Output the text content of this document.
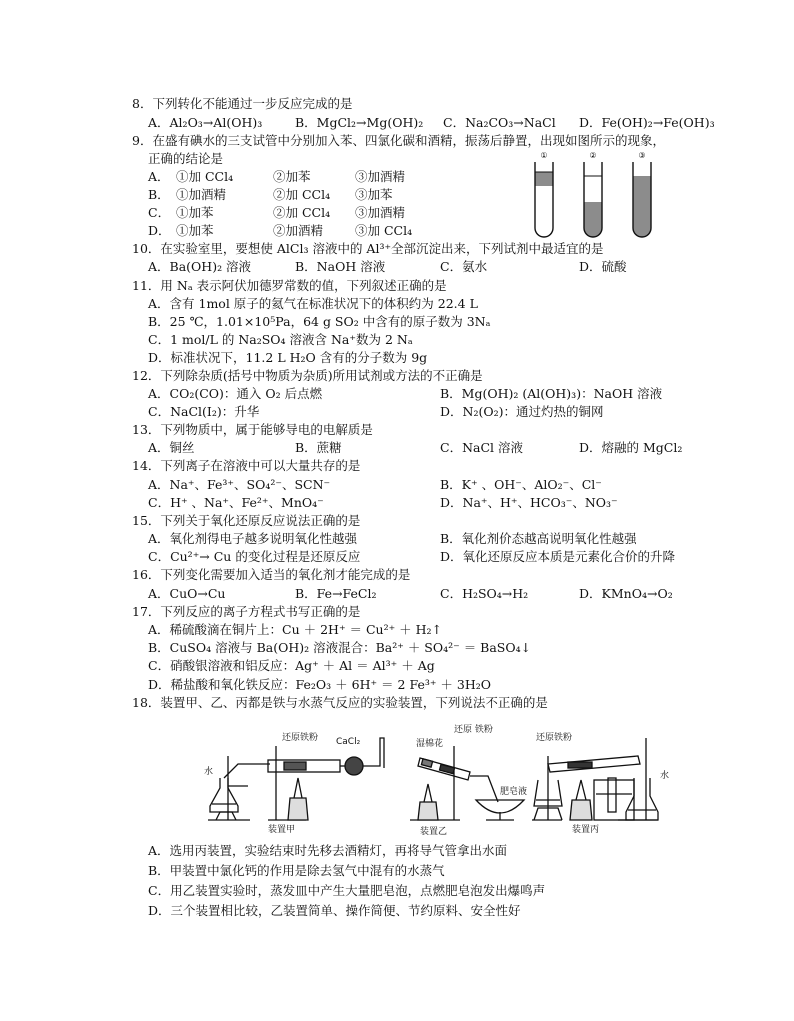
8．下列转化不能通过一步反应完成的是
A．Al₂O₃→Al(OH)₃	B．MgCl₂→Mg(OH)₂ C．Na₂CO₃→NaCl D．Fe(OH)₂→Fe(OH)₃
9．在盛有碘水的三支试管中分别加入苯、四氯化碳和酒精，振荡后静置，出现如图所示的现象，
正确的结论是
A． ①加 CCl₄	②加苯	③加酒精
B． ①加酒精	②加 CCl₄ ③加苯
C． ①加苯	②加 CCl₄ ③加酒精
D． ①加苯	②加酒精	③加 CCl₄
①	②	③
10．在实验室里，要想使 AlCl₃ 溶液中的 Al³⁺全部沉淀出来，下列试剂中最适宜的是
A．Ba(OH)₂ 溶液	B．NaOH 溶液	C．氨水	D．硫酸
11．用 Nₐ 表示阿伏加德罗常数的值，下列叙述正确的是
A．含有 1mol 原子的氦气在标准状况下的体积约为 22.4 L
B．25 ℃，1.01×10⁵Pa，64 g SO₂ 中含有的原子数为 3Nₐ
C．1 mol/L 的 Na₂SO₄ 溶液含 Na⁺数为 2 Nₐ
D．标准状况下，11.2 L H₂O 含有的分子数为 9g
12．下列除杂质(括号中物质为杂质)所用试剂或方法的不正确是
A．CO₂(CO)：通入 O₂ 后点燃	B．Mg(OH)₂ (Al(OH)₃)：NaOH 溶液
C．NaCl(I₂)：升华	D．N₂(O₂)：通过灼热的铜网
13．下列物质中，属于能够导电的电解质是
A．铜丝	B．蔗糖	C．NaCl 溶液	D．熔融的 MgCl₂
14．下列离子在溶液中可以大量共存的是
A．Na⁺、Fe³⁺、SO₄²⁻、SCN⁻	B．K⁺ 、OH⁻、AlO₂⁻、Cl⁻
C．H⁺ 、Na⁺、Fe²⁺、MnO₄⁻	D．Na⁺、H⁺、HCO₃⁻、NO₃⁻
15．下列关于氧化还原反应说法正确的是
A．氧化剂得电子越多说明氧化性越强	B．氧化剂价态越高说明氧化性越强
C．Cu²⁺→ Cu 的变化过程是还原反应	D．氧化还原反应本质是元素化合价的升降
16．下列变化需要加入适当的氧化剂才能完成的是
A．CuO→Cu	B．Fe→FeCl₂	C．H₂SO₄→H₂	D．KMnO₄→O₂
17．下列反应的离子方程式书写正确的是
A．稀硫酸滴在铜片上：Cu ＋ 2H⁺ ＝ Cu²⁺ ＋ H₂↑
B．CuSO₄ 溶液与 Ba(OH)₂ 溶液混合：Ba²⁺ ＋ SO₄²⁻ ＝ BaSO₄↓
C．硝酸银溶液和铝反应：Ag⁺ ＋ Al ＝ Al³⁺ ＋ Ag
D．稀盐酸和氧化铁反应：Fe₂O₃ ＋ 6H⁺ ＝ 2 Fe³⁺ ＋ 3H₂O
18．装置甲、乙、丙都是铁与水蒸气反应的实验装置，下列说法不正确的是
还原铁粉 CaCl₂
水
装置甲
湿棉花
还原 铁粉
肥皂液
装置乙
还原铁粉
水
装置丙
A．选用丙装置，实验结束时先移去酒精灯，再将导气管拿出水面
B．甲装置中氯化钙的作用是除去氢气中混有的水蒸气
C．用乙装置实验时，蒸发皿中产生大量肥皂泡，点燃肥皂泡发出爆鸣声
D．三个装置相比较，乙装置简单、操作简便、节约原料、安全性好
